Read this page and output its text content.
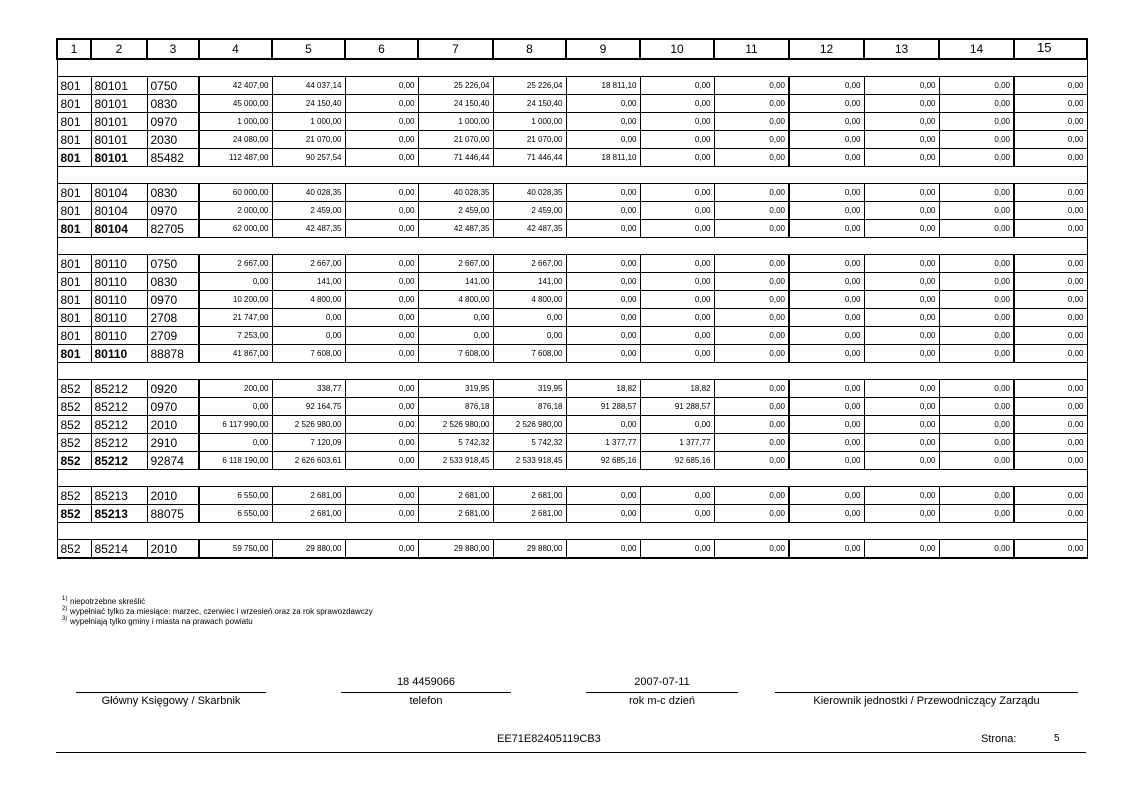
1	2	3	4	5	6	7	8	9	10	11	12	13	14	15

801	80101	0750	42 407,00	44 037,14	0,00	25 226,04	25 226,04	18 811,10	0,00	0,00	0,00	0,00	0,00	0,00
801	80101	0830	45 000,00	24 150,40	0,00	24 150,40	24 150,40	0,00	0,00	0,00	0,00	0,00	0,00	0,00
801	80101	0970	1 000,00	1 000,00	0,00	1 000,00	1 000,00	0,00	0,00	0,00	0,00	0,00	0,00	0,00
801	80101	2030	24 080,00	21 070,00	0,00	21 070,00	21 070,00	0,00	0,00	0,00	0,00	0,00	0,00	0,00
801	80101	85482	112 487,00	90 257,54	0,00	71 446,44	71 446,44	18 811,10	0,00	0,00	0,00	0,00	0,00	0,00

801	80104	0830	60 000,00	40 028,35	0,00	40 028,35	40 028,35	0,00	0,00	0,00	0,00	0,00	0,00	0,00
801	80104	0970	2 000,00	2 459,00	0,00	2 459,00	2 459,00	0,00	0,00	0,00	0,00	0,00	0,00	0,00
801	80104	82705	62 000,00	42 487,35	0,00	42 487,35	42 487,35	0,00	0,00	0,00	0,00	0,00	0,00	0,00

801	80110	0750	2 667,00	2 667,00	0,00	2 667,00	2 667,00	0,00	0,00	0,00	0,00	0,00	0,00	0,00
801	80110	0830	0,00	141,00	0,00	141,00	141,00	0,00	0,00	0,00	0,00	0,00	0,00	0,00
801	80110	0970	10 200,00	4 800,00	0,00	4 800,00	4 800,00	0,00	0,00	0,00	0,00	0,00	0,00	0,00
801	80110	2708	21 747,00	0,00	0,00	0,00	0,00	0,00	0,00	0,00	0,00	0,00	0,00	0,00
801	80110	2709	7 253,00	0,00	0,00	0,00	0,00	0,00	0,00	0,00	0,00	0,00	0,00	0,00
801	80110	88878	41 867,00	7 608,00	0,00	7 608,00	7 608,00	0,00	0,00	0,00	0,00	0,00	0,00	0,00

852	85212	0920	200,00	338,77	0,00	319,95	319,95	18,82	18,82	0,00	0,00	0,00	0,00	0,00
852	85212	0970	0,00	92 164,75	0,00	876,18	876,18	91 288,57	91 288,57	0,00	0,00	0,00	0,00	0,00
852	85212	2010	6 117 990,00	2 526 980,00	0,00	2 526 980,00	2 526 980,00	0,00	0,00	0,00	0,00	0,00	0,00	0,00
852	85212	2910	0,00	7 120,09	0,00	5 742,32	5 742,32	1 377,77	1 377,77	0,00	0,00	0,00	0,00	0,00
852	85212	92874	6 118 190,00	2 626 603,61	0,00	2 533 918,45	2 533 918,45	92 685,16	92 685,16	0,00	0,00	0,00	0,00	0,00

852	85213	2010	6 550,00	2 681,00	0,00	2 681,00	2 681,00	0,00	0,00	0,00	0,00	0,00	0,00	0,00
852	85213	88075	6 550,00	2 681,00	0,00	2 681,00	2 681,00	0,00	0,00	0,00	0,00	0,00	0,00	0,00

852	85214	2010	59 750,00	29 880,00	0,00	29 880,00	29 880,00	0,00	0,00	0,00	0,00	0,00	0,00	0,00
1) niepotrzebne skreślić
2) wypełniać tylko za miesiące: marzec, czerwiec i wrzesień oraz za rok sprawozdawczy
3) wypełniają tylko gminy i miasta na prawach powiatu
Główny Księgowy / Skarbnik
18 4459066
telefon
2007-07-11
rok m-c dzień	Kierownik jednostki / Przewodniczący Zarządu
EE71E82405119CB3	Strona:	5
